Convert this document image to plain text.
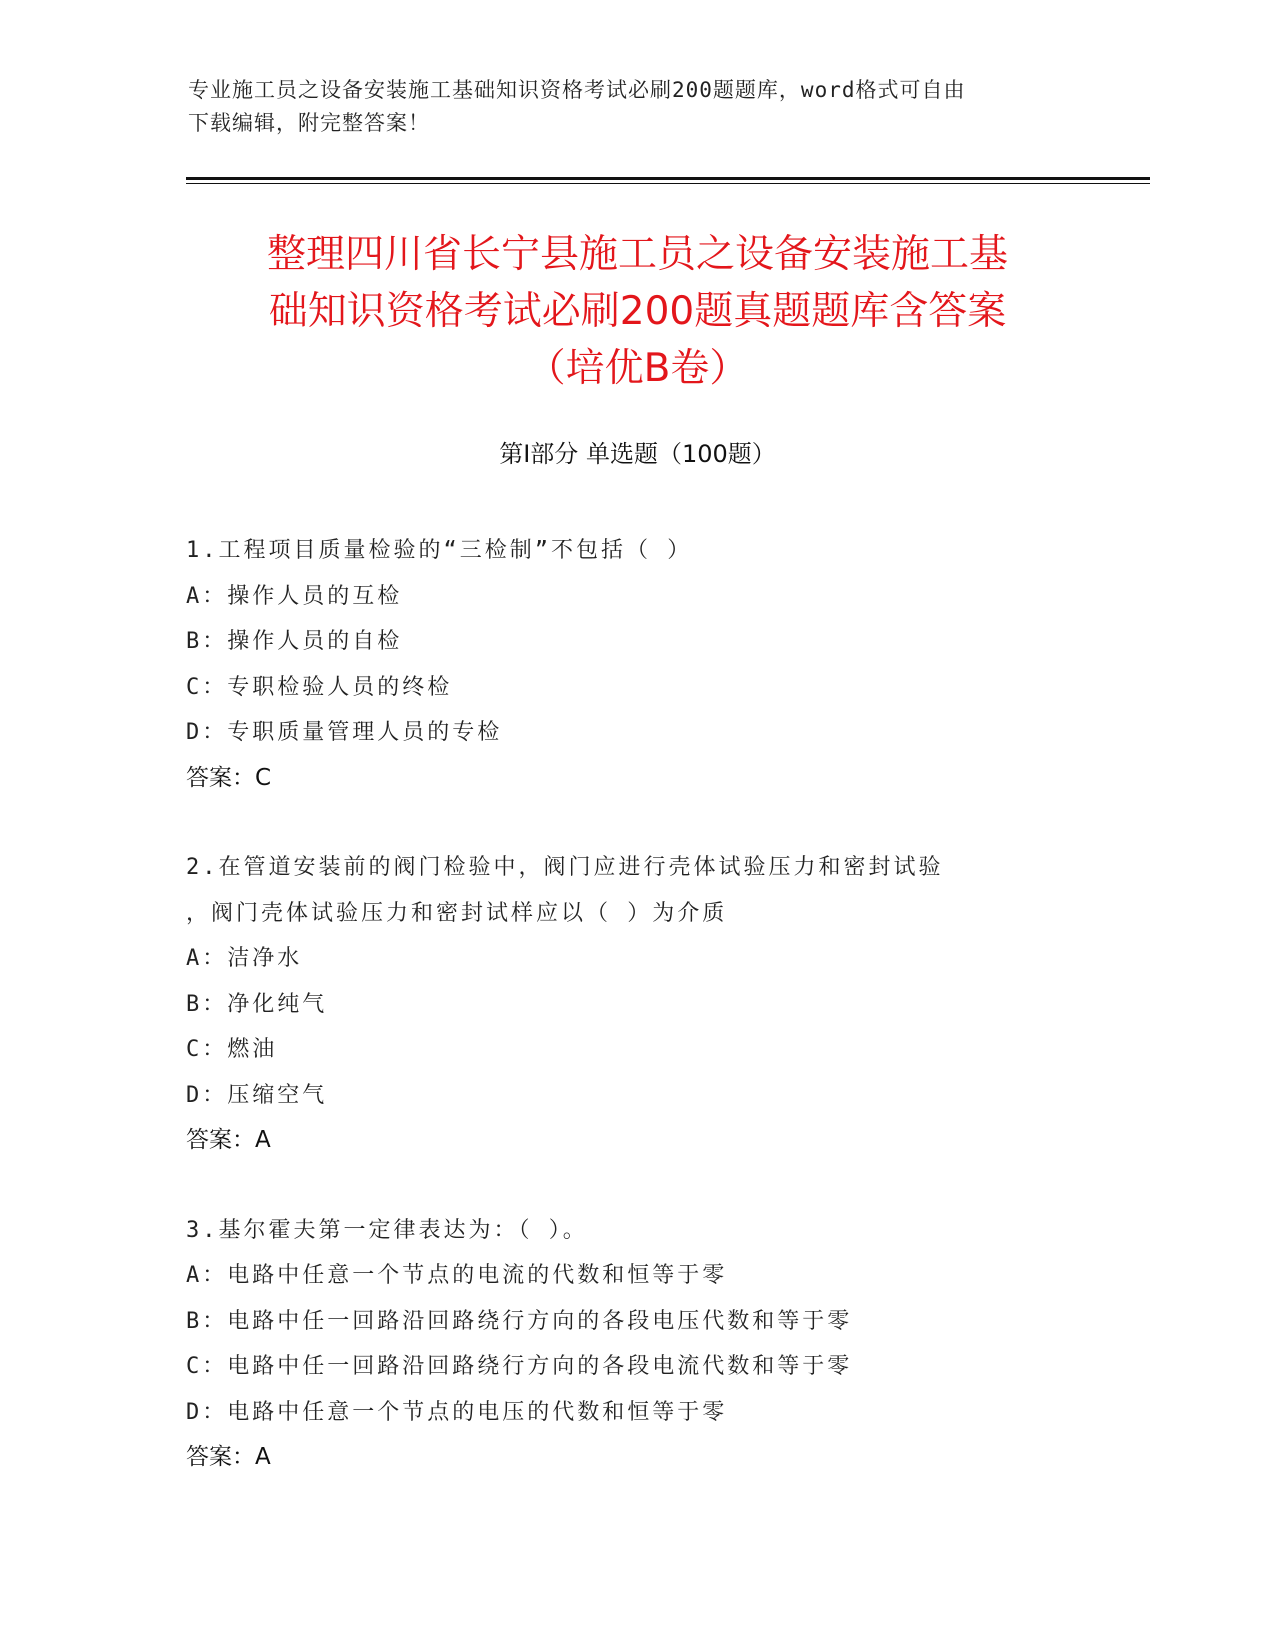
专业施工员之设备安装施工基础知识资格考试必刷200题题库，word格式可自由
下载编辑，附完整答案！
整理四川省长宁县施工员之设备安装施工基
础知识资格考试必刷200题真题题库含答案
（培优B卷）
第Ⅰ部分 单选题（100题）
1.工程项目质量检验的“三检制”不包括（ ）
A：操作人员的互检
B：操作人员的自检
C：专职检验人员的终检
D：专职质量管理人员的专检
答案：C
2.在管道安装前的阀门检验中，阀门应进行壳体试验压力和密封试验
，阀门壳体试验压力和密封试样应以（ ）为介质
A：洁净水
B：净化纯气
C：燃油
D：压缩空气
答案：A
3.基尔霍夫第一定律表达为：（ ）。
A：电路中任意一个节点的电流的代数和恒等于零
B：电路中任一回路沿回路绕行方向的各段电压代数和等于零
C：电路中任一回路沿回路绕行方向的各段电流代数和等于零
D：电路中任意一个节点的电压的代数和恒等于零
答案：A
